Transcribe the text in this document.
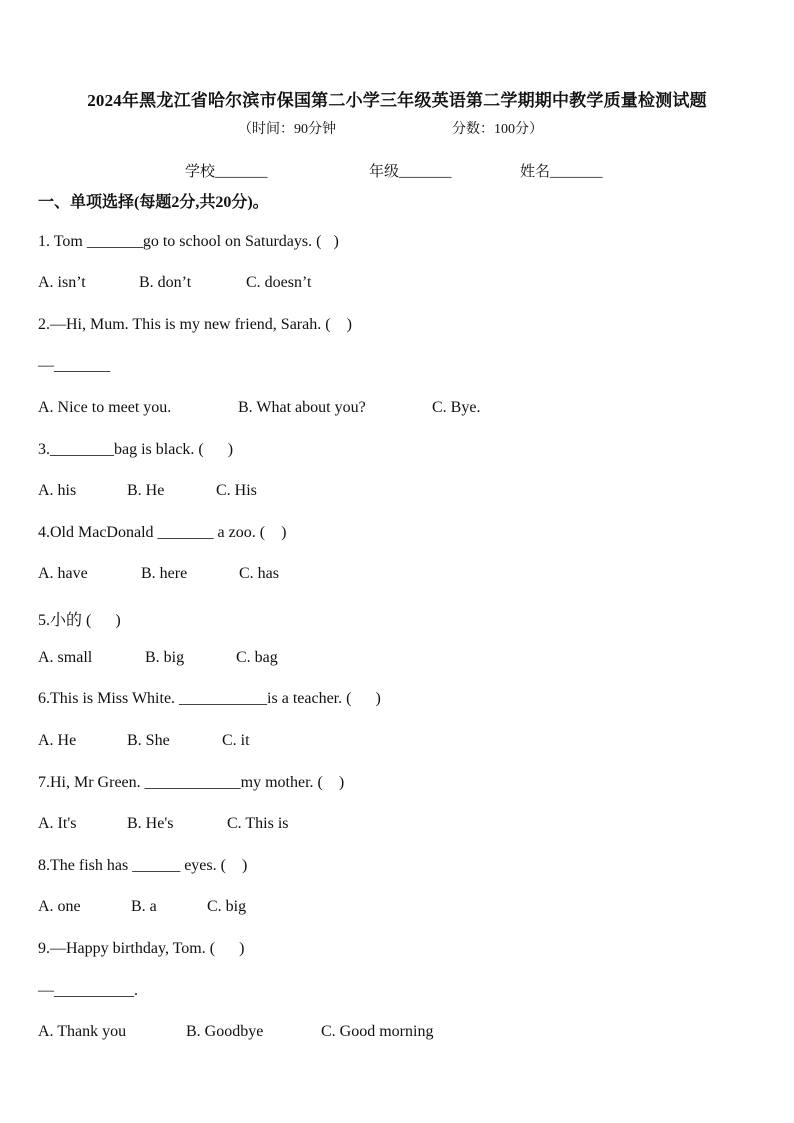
2024年黑龙江省哈尔滨市保国第二小学三年级英语第二学期期中教学质量检测试题
（时间：90分钟	分数：100分）
学校_______	年级_______	姓名_______
一、单项选择(每题2分,共20分)。
1. Tom _______go to school on Saturdays. (   )
A. isn’t	B. don’t	C. doesn’t
2.—Hi, Mum. This is my new friend, Sarah. (    )
—_______
A. Nice to meet you.	B. What about you?	C. Bye.
3.________bag is black. (      )
A. his	B. He	C. His
4.Old MacDonald _______ a zoo. (    )
A. have	B. here	C. has
5.小的 (      )
A. small	B. big	C. bag
6.This is Miss White. ___________is a teacher. (      )
A. He	B. She	C. it
7.Hi, Mr Green. ____________my mother. (    )
A. It's	B. He's	C. This is
8.The fish has ______ eyes. (    )
A. one	B. a	C. big
9.—Happy birthday, Tom. (      )
—__________.
A. Thank you	B. Goodbye	C. Good morning
